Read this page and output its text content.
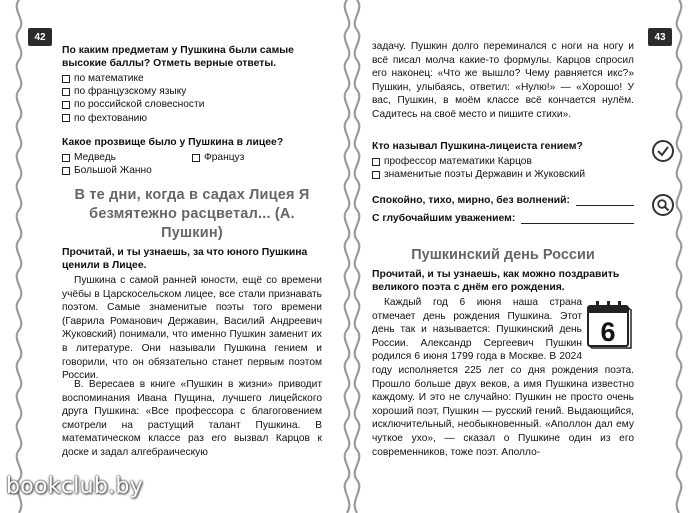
42	43
По каким предметам у Пушкина были самые высокие баллы? Отметь верные ответы.
по математике
по французскому языку
по российской словесности
по фехтованию
Какое прозвище было у Пушкина в лицее?
Медведь
Большой Жанно
Француз
В те дни, когда в садах Лицея Я безмятежно расцветал... (А. Пушкин)
Прочитай, и ты узнаешь, за что юного Пушкина ценили в Лицее.
Пушкина с самой ранней юности, ещё со времени учёбы в Царскосельском лицее, все стали признавать поэтом. Самые знаменитые поэты того времени (Гаврила Романович Державин, Василий Андреевич Жуковский) понимали, что именно Пушкин заменит их в литературе. Они называли Пушкина гением и говорили, что он обязательно станет первым поэтом России.
В. Вересаев в книге «Пушкин в жизни» приводит воспоминания Ивана Пущина, лучшего лицейского друга Пушкина: «Все профессора с благоговением смотрели на растущий талант Пушкина. В математическом классе раз его вызвал Карцов к доске и задал алгебраическую
задачу. Пушкин долго переминался с ноги на ногу и всё писал молча какие-то формулы. Карцов спросил его наконец: «Что же вышло? Чему равняется икс?» Пушкин, улыбаясь, ответил: «Нулю!» — «Хорошо! У вас, Пушкин, в моём классе всё кончается нулём. Садитесь на своё место и пишите стихи».
Кто называл Пушкина-лицеиста гением?
профессор математики Карцов
знаменитые поэты Державин и Жуковский
Спокойно, тихо, мирно, без волнений:
С глубочайшим уважением:
Пушкинский день России
Прочитай, и ты узнаешь, как можно поздравить великого поэта с днём его рождения.
Каждый год 6 июня наша страна отмечает день рождения Пушкина. Этот день так и называется: Пушкинский день России. Александр Сергеевич Пушкин родился 6 июня 1799 года в Москве. В 2024 году исполняется 225 лет со дня рождения поэта. Прошло больше двух веков, а имя Пушкина известно каждому. И это не случайно: Пушкин не просто очень хороший поэт, Пушкин — русский гений. Выдающийся, исключительный, необыкновенный. «Аполлон дал ему чуткое ухо», — сказал о Пушкине один из его современников, тоже поэт. Аполло-
6
bookclub.by
